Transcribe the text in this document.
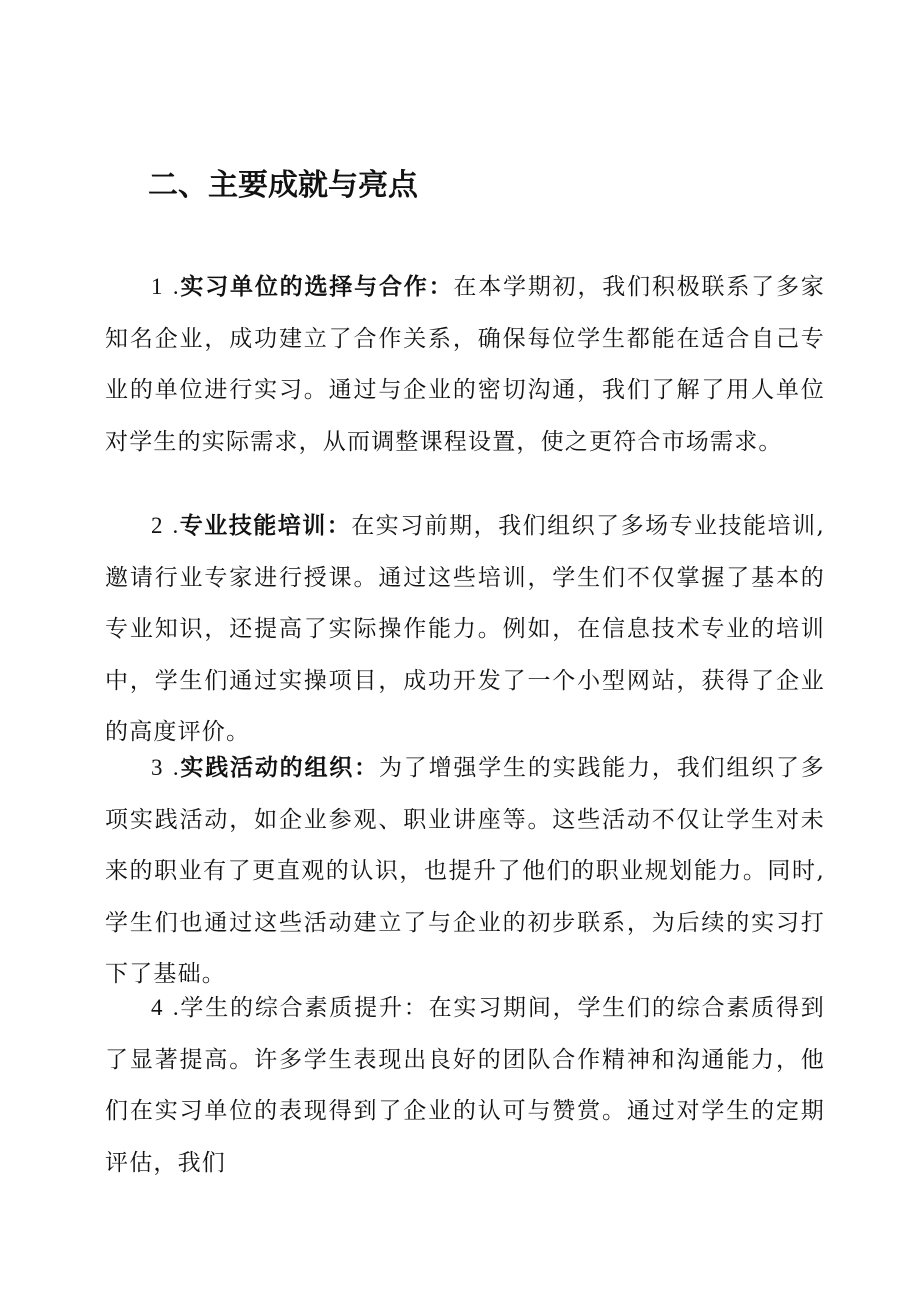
二、主要成就与亮点

1 .实习单位的选择与合作：在本学期初，我们积极联系了多家知名企业，成功建立了合作关系，确保每位学生都能在适合自己专业的单位进行实习。通过与企业的密切沟通，我们了解了用人单位对学生的实际需求，从而调整课程设置，使之更符合市场需求。

2 .专业技能培训：在实习前期，我们组织了多场专业技能培训,邀请行业专家进行授课。通过这些培训，学生们不仅掌握了基本的专业知识，还提高了实际操作能力。例如，在信息技术专业的培训中，学生们通过实操项目，成功开发了一个小型网站，获得了企业的高度评价。

3 .实践活动的组织：为了增强学生的实践能力，我们组织了多项实践活动，如企业参观、职业讲座等。这些活动不仅让学生对未来的职业有了更直观的认识，也提升了他们的职业规划能力。同时,学生们也通过这些活动建立了与企业的初步联系，为后续的实习打下了基础。

4 .学生的综合素质提升：在实习期间，学生们的综合素质得到了显著提高。许多学生表现出良好的团队合作精神和沟通能力，他们在实习单位的表现得到了企业的认可与赞赏。通过对学生的定期评估，我们
